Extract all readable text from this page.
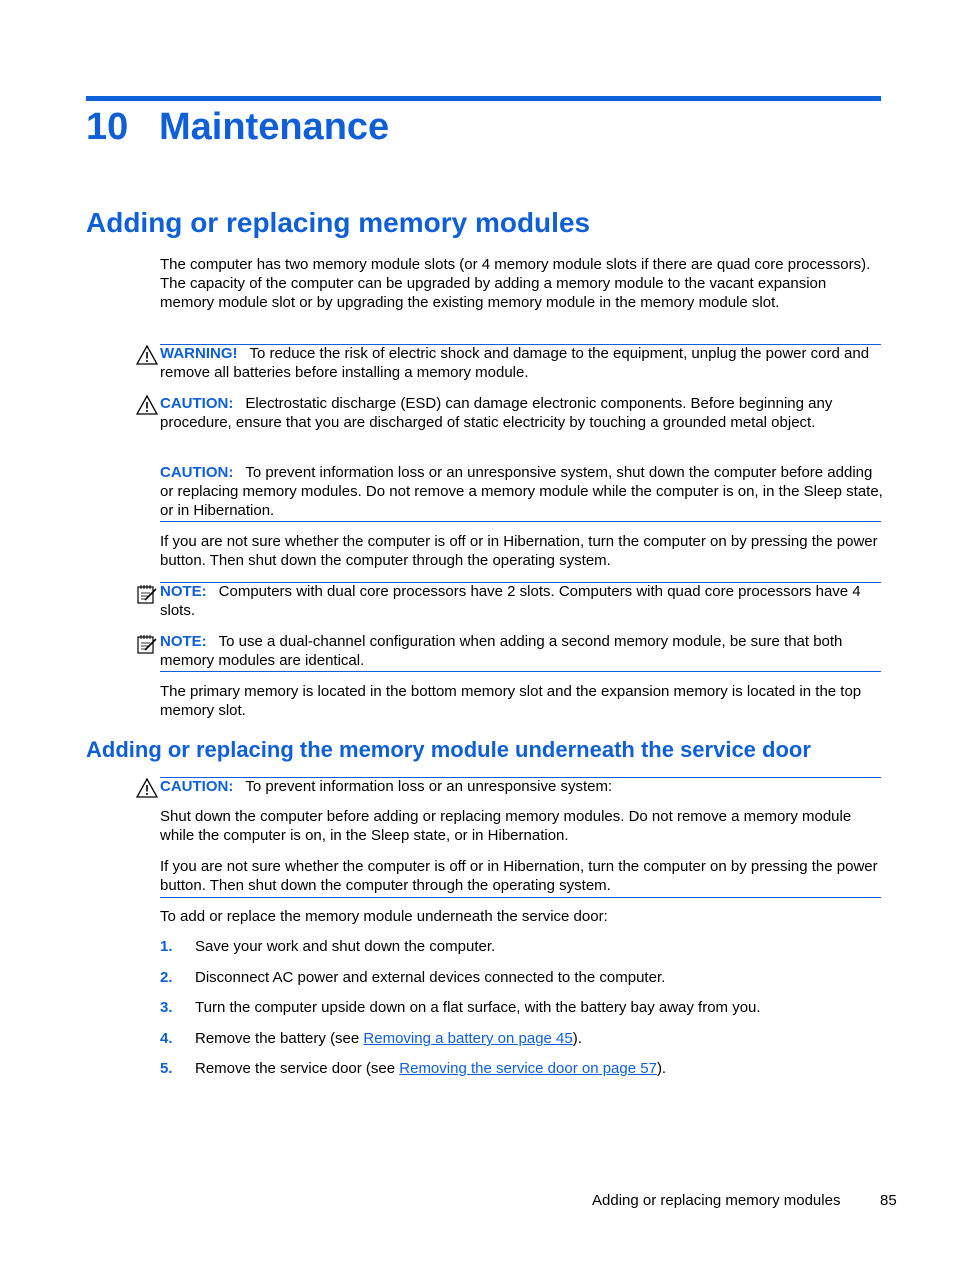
10 Maintenance
Adding or replacing memory modules

The computer has two memory module slots (or 4 memory module slots if there are quad core processors). The capacity of the computer can be upgraded by adding a memory module to the vacant expansion memory module slot or by upgrading the existing memory module in the memory module slot.

WARNING! To reduce the risk of electric shock and damage to the equipment, unplug the power cord and remove all batteries before installing a memory module.

CAUTION: Electrostatic discharge (ESD) can damage electronic components. Before beginning any procedure, ensure that you are discharged of static electricity by touching a grounded metal object.

CAUTION: To prevent information loss or an unresponsive system, shut down the computer before adding or replacing memory modules. Do not remove a memory module while the computer is on, in the Sleep state, or in Hibernation.

If you are not sure whether the computer is off or in Hibernation, turn the computer on by pressing the power button. Then shut down the computer through the operating system.

NOTE: Computers with dual core processors have 2 slots. Computers with quad core processors have 4 slots.

NOTE: To use a dual-channel configuration when adding a second memory module, be sure that both memory modules are identical.

The primary memory is located in the bottom memory slot and the expansion memory is located in the top memory slot.

Adding or replacing the memory module underneath the service door

CAUTION: To prevent information loss or an unresponsive system:

Shut down the computer before adding or replacing memory modules. Do not remove a memory module while the computer is on, in the Sleep state, or in Hibernation.

If you are not sure whether the computer is off or in Hibernation, turn the computer on by pressing the power button. Then shut down the computer through the operating system.

To add or replace the memory module underneath the service door:

1. Save your work and shut down the computer.
2. Disconnect AC power and external devices connected to the computer.
3. Turn the computer upside down on a flat surface, with the battery bay away from you.
4. Remove the battery (see Removing a battery on page 45).
5. Remove the service door (see Removing the service door on page 57).
Adding or replacing memory modules	85
